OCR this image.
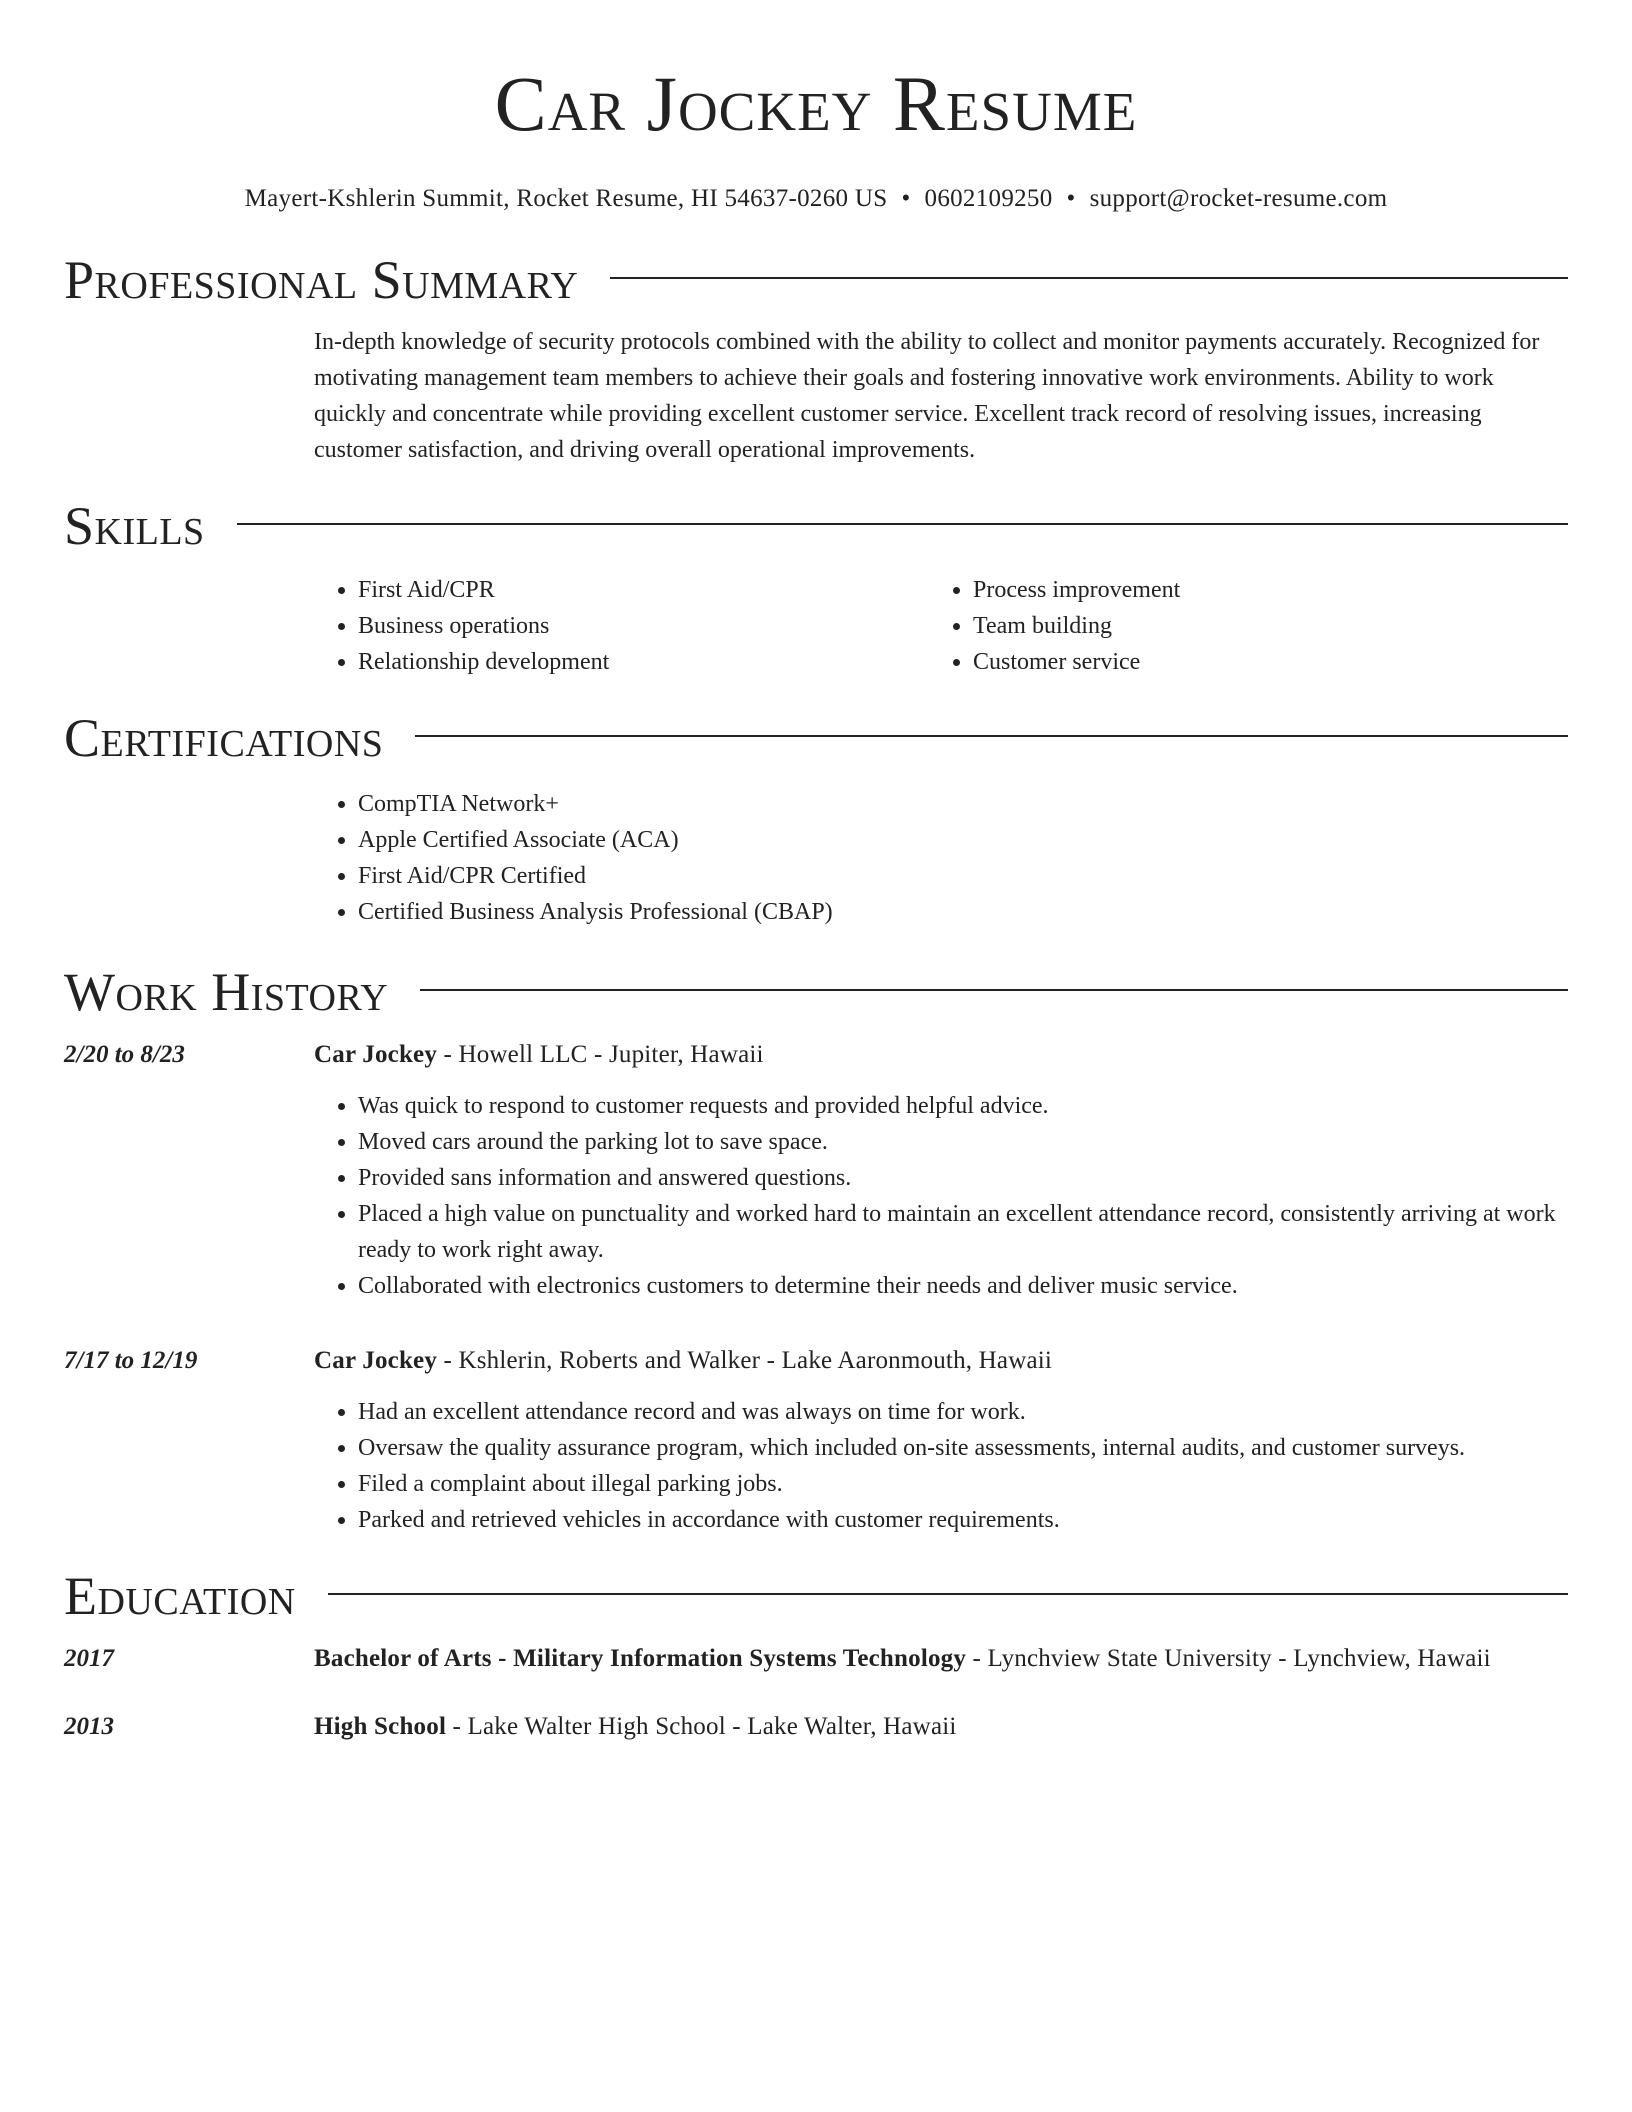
Car Jockey Resume
Mayert-Kshlerin Summit, Rocket Resume, HI 54637-0260 US • 0602109250 • support@rocket-resume.com
Professional Summary
In-depth knowledge of security protocols combined with the ability to collect and monitor payments accurately. Recognized for motivating management team members to achieve their goals and fostering innovative work environments. Ability to work quickly and concentrate while providing excellent customer service. Excellent track record of resolving issues, increasing customer satisfaction, and driving overall operational improvements.
Skills
• First Aid/CPR
• Business operations
• Relationship development
• Process improvement
• Team building
• Customer service
Certifications
• CompTIA Network+
• Apple Certified Associate (ACA)
• First Aid/CPR Certified
• Certified Business Analysis Professional (CBAP)
Work History
2/20 to 8/23	Car Jockey - Howell LLC - Jupiter, Hawaii
• Was quick to respond to customer requests and provided helpful advice.
• Moved cars around the parking lot to save space.
• Provided sans information and answered questions.
• Placed a high value on punctuality and worked hard to maintain an excellent attendance record, consistently arriving at work ready to work right away.
• Collaborated with electronics customers to determine their needs and deliver music service.
7/17 to 12/19	Car Jockey - Kshlerin, Roberts and Walker - Lake Aaronmouth, Hawaii
• Had an excellent attendance record and was always on time for work.
• Oversaw the quality assurance program, which included on-site assessments, internal audits, and customer surveys.
• Filed a complaint about illegal parking jobs.
• Parked and retrieved vehicles in accordance with customer requirements.
Education
2017	Bachelor of Arts - Military Information Systems Technology - Lynchview State University - Lynchview, Hawaii
2013	High School - Lake Walter High School - Lake Walter, Hawaii
